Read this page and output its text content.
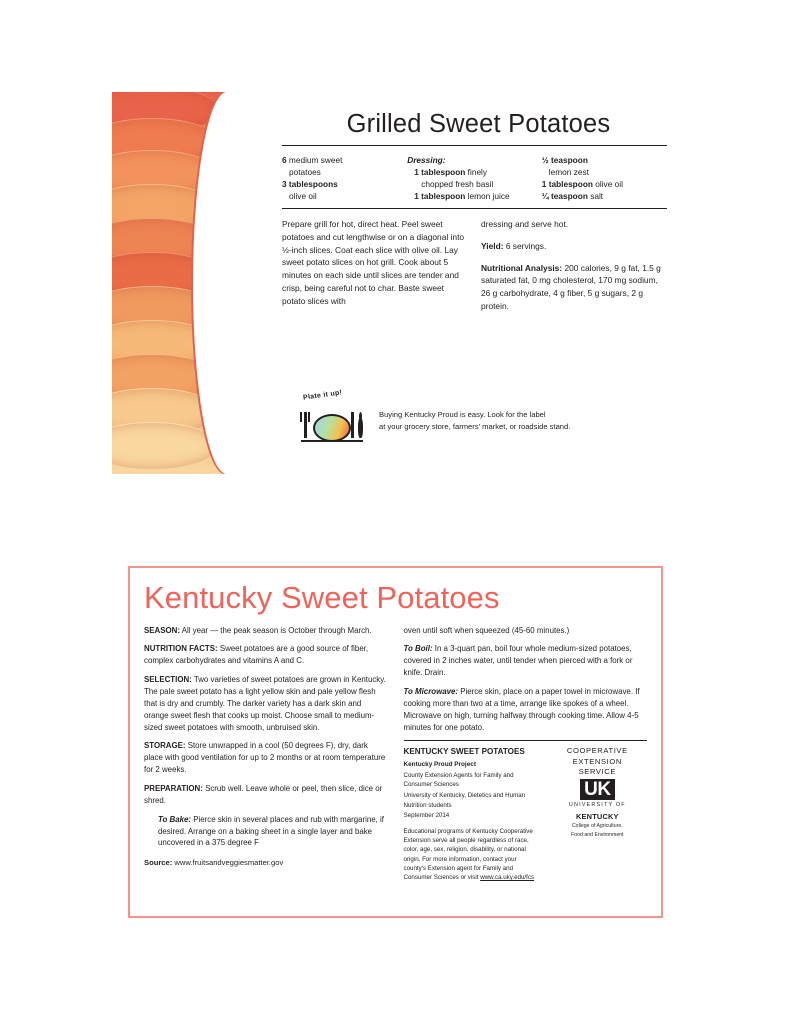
Grilled Sweet Potatoes
6 medium sweet
potatoes
3 tablespoons
olive oil
Dressing:
1 tablespoon finely
chopped fresh basil
1 tablespoon lemon juice
½ teaspoon
lemon zest
1 tablespoon olive oil
¼ teaspoon salt

Prepare grill for hot, direct heat. Peel sweet potatoes and cut lengthwise or on a diagonal into ½-inch slices. Coat each slice with olive oil. Lay sweet potato slices on hot grill. Cook about 5 minutes on each side until slices are tender and crisp, being careful not to char. Baste sweet potato slices with

dressing and serve hot.

Yield: 6 servings.

Nutritional Analysis: 200 calories, 9 g fat, 1.5 g saturated fat, 0 mg cholesterol, 170 mg sodium, 26 g carbohydrate, 4 g fiber, 5 g sugars, 2 g protein.

Plate it up!
Buying Kentucky Proud is easy. Look for the label
at your grocery store, farmers' market, or roadside stand.
Kentucky Sweet Potatoes

SEASON: All year — the peak season is October through March.

NUTRITION FACTS: Sweet potatoes are a good source of fiber, complex carbohydrates and vitamins A and C.

SELECTION: Two varieties of sweet potatoes are grown in Kentucky. The pale sweet potato has a light yellow skin and pale yellow flesh that is dry and crumbly. The darker variety has a dark skin and orange sweet flesh that cooks up moist. Choose small to medium-sized sweet potatoes with smooth, unbruised skin.

STORAGE: Store unwrapped in a cool (50 degrees F), dry, dark place with good ventilation for up to 2 months or at room temperature for 2 weeks.

PREPARATION: Scrub well. Leave whole or peel, then slice, dice or shred.

To Bake: Pierce skin in several places and rub with margarine, if desired. Arrange on a baking sheet in a single layer and bake uncovered in a 375 degree F

Source: www.fruitsandveggiesmatter.gov

oven until soft when squeezed (45-60 minutes.)

To Boil: In a 3-quart pan, boil four whole medium-sized potatoes, covered in 2 inches water, until tender when pierced with a fork or knife. Drain.

To Microwave: Pierce skin, place on a paper towel in microwave. If cooking more than two at a time, arrange like spokes of a wheel. Microwave on high, turning halfway through cooking time. Allow 4-5 minutes for one potato.

KENTUCKY SWEET POTATOES

Kentucky Proud Project

County Extension Agents for Family and Consumer Sciences

University of Kentucky, Dietetics and Human Nutrition students

September 2014

Educational programs of Kentucky Cooperative Extension serve all people regardless of race, color, age, sex, religion, disability, or national origin. For more information, contact your county's Extension agent for Family and Consumer Sciences or visit www.ca.uky.edu/fcs

COOPERATIVE
EXTENSION
SERVICE

UK

UNIVERSITY OF

KENTUCKY

College of Agriculture,

Food and Environment
